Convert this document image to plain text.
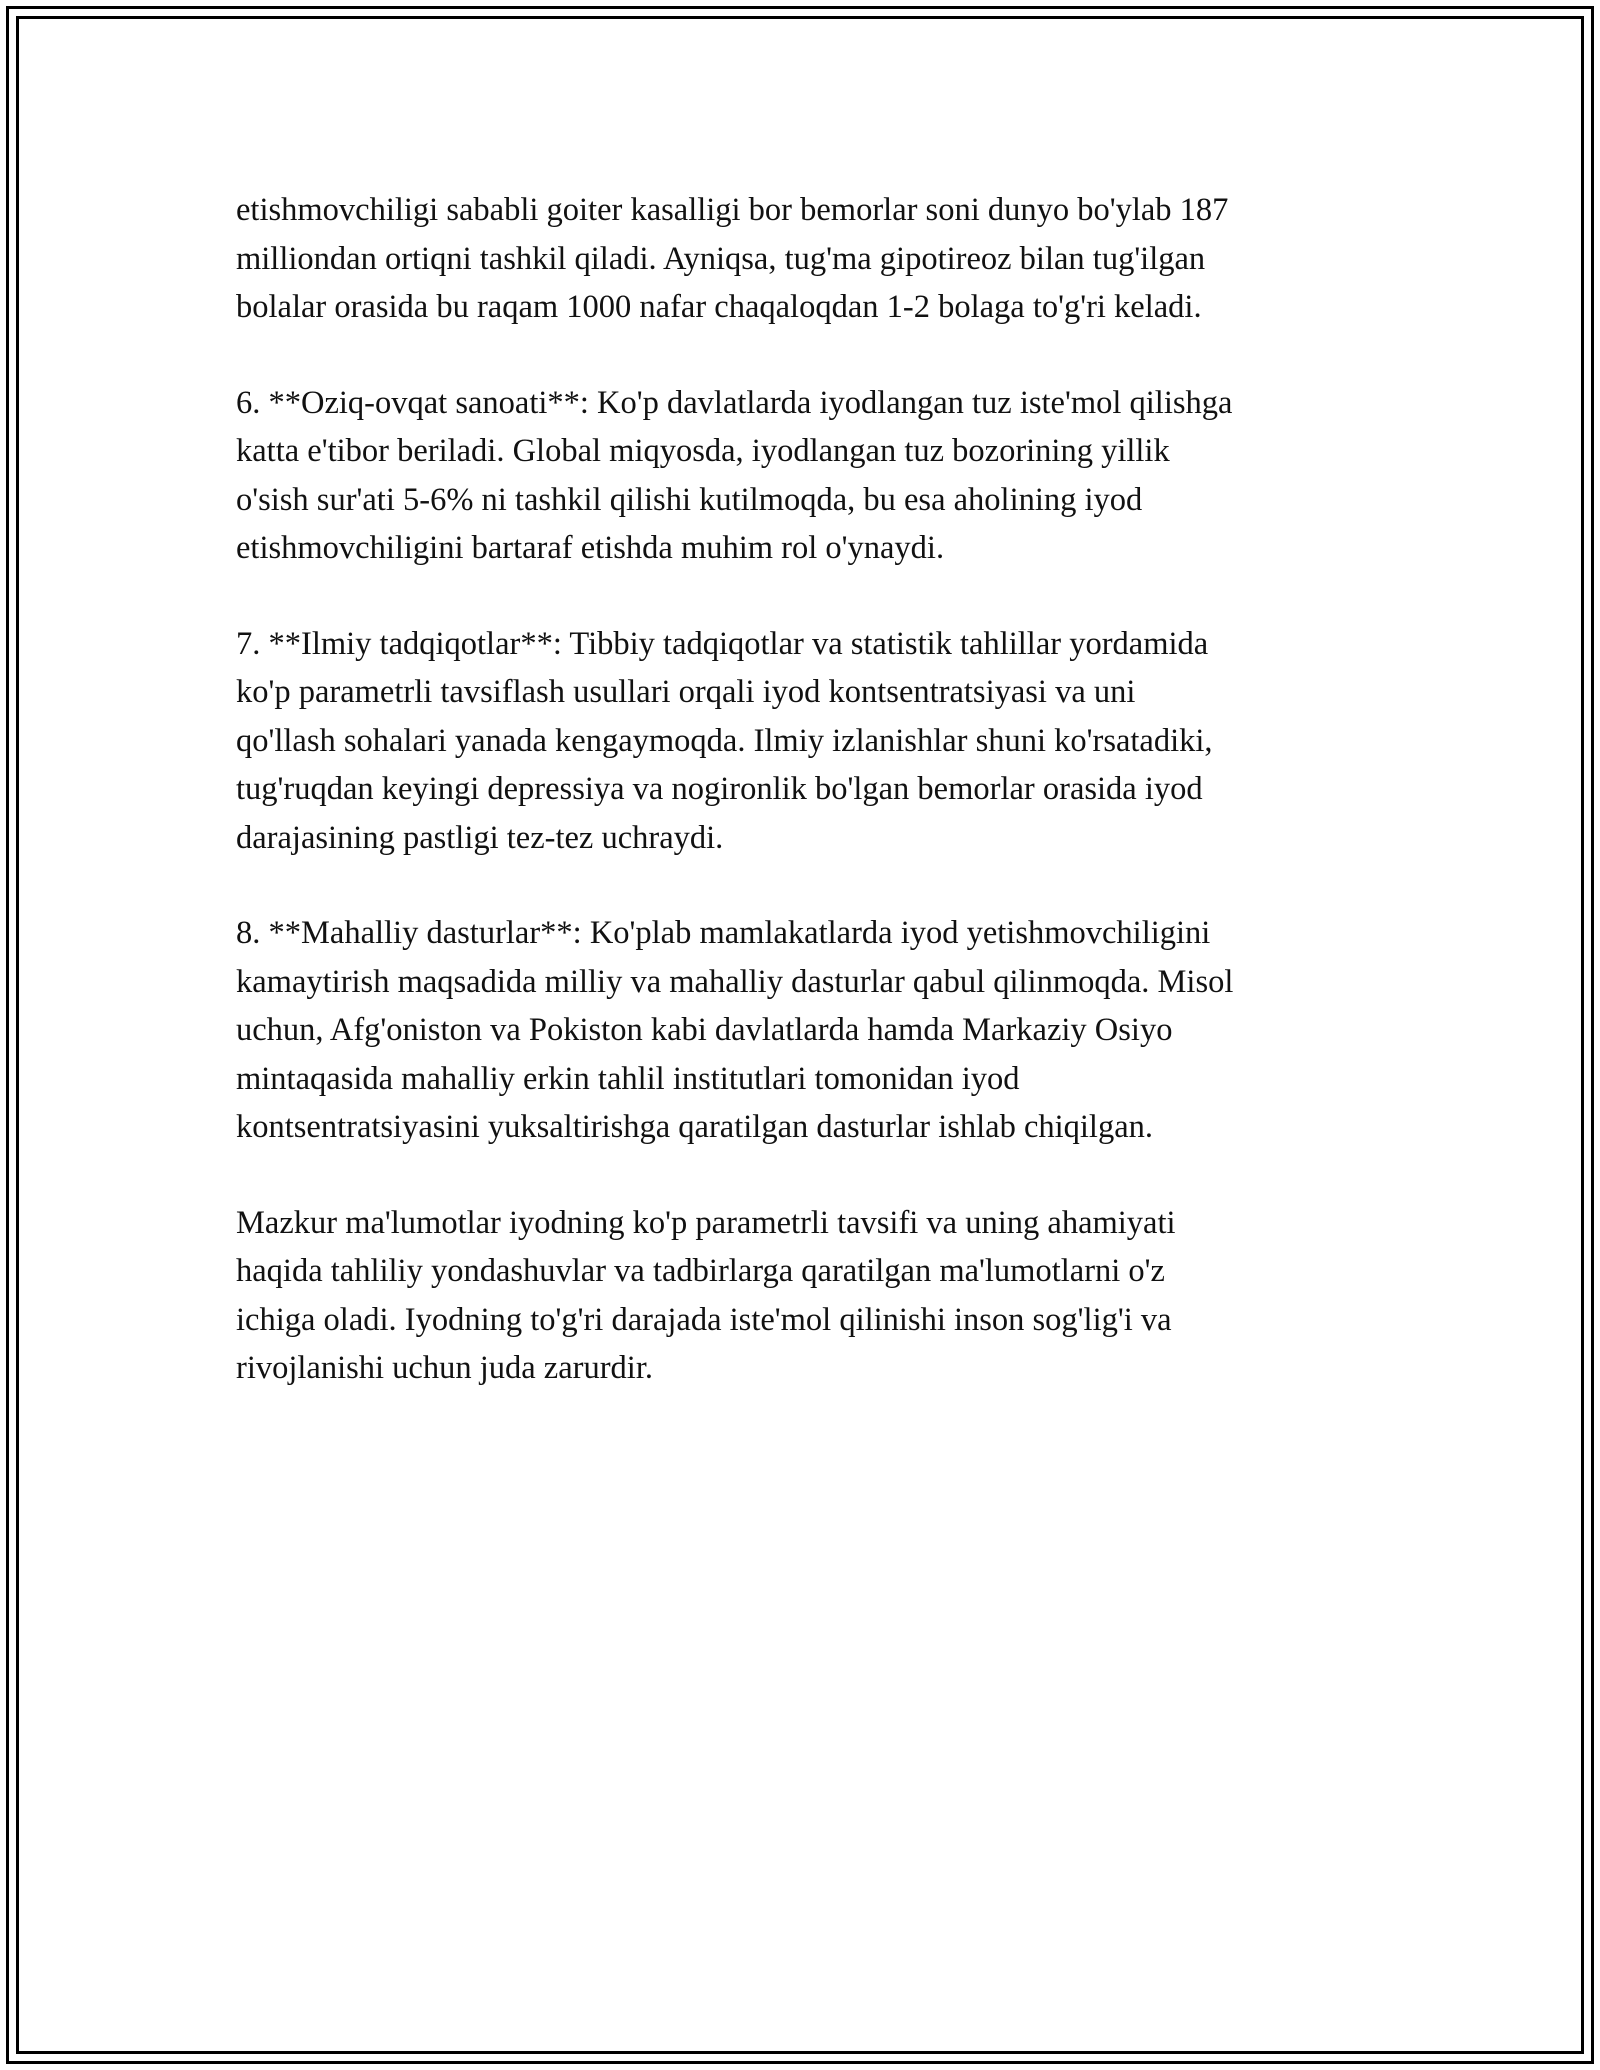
etishmovchiligi sababli goiter kasalligi bor bemorlar soni dunyo bo'ylab 187
milliondan ortiqni tashkil qiladi. Ayniqsa, tug'ma gipotireoz bilan tug'ilgan
bolalar orasida bu raqam 1000 nafar chaqaloqdan 1-2 bolaga to'g'ri keladi.

6. **Oziq-ovqat sanoati**: Ko'p davlatlarda iyodlangan tuz iste'mol qilishga
katta e'tibor beriladi. Global miqyosda, iyodlangan tuz bozorining yillik
o'sish sur'ati 5-6% ni tashkil qilishi kutilmoqda, bu esa aholining iyod
etishmovchiligini bartaraf etishda muhim rol o'ynaydi.

7. **Ilmiy tadqiqotlar**: Tibbiy tadqiqotlar va statistik tahlillar yordamida
ko'p parametrli tavsiflash usullari orqali iyod kontsentratsiyasi va uni
qo'llash sohalari yanada kengaymoqda. Ilmiy izlanishlar shuni ko'rsatadiki,
tug'ruqdan keyingi depressiya va nogironlik bo'lgan bemorlar orasida iyod
darajasining pastligi tez-tez uchraydi.

8. **Mahalliy dasturlar**: Ko'plab mamlakatlarda iyod yetishmovchiligini
kamaytirish maqsadida milliy va mahalliy dasturlar qabul qilinmoqda. Misol
uchun, Afg'oniston va Pokiston kabi davlatlarda hamda Markaziy Osiyo
mintaqasida mahalliy erkin tahlil institutlari tomonidan iyod
kontsentratsiyasini yuksaltirishga qaratilgan dasturlar ishlab chiqilgan.

Mazkur ma'lumotlar iyodning ko'p parametrli tavsifi va uning ahamiyati
haqida tahliliy yondashuvlar va tadbirlarga qaratilgan ma'lumotlarni o'z
ichiga oladi. Iyodning to'g'ri darajada iste'mol qilinishi inson sog'lig'i va
rivojlanishi uchun juda zarurdir.
